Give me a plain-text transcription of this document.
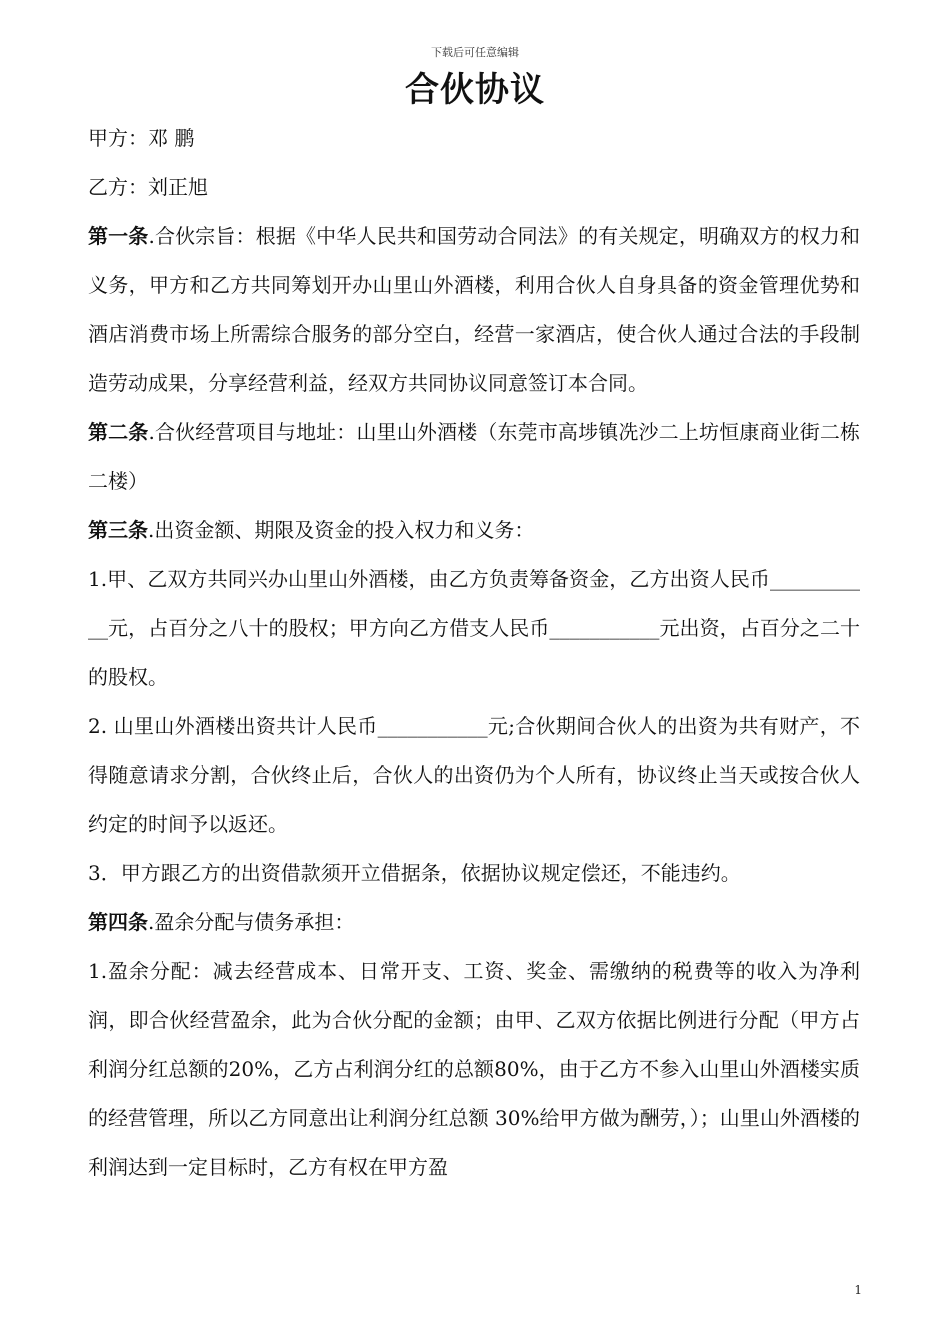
下载后可任意编辑
合伙协议

甲方：邓 鹏

乙方：刘正旭

第一条.合伙宗旨：根据《中华人民共和国劳动合同法》的有关规定，明确双方的权力和义务，甲方和乙方共同筹划开办山里山外酒楼，利用合伙人自身具备的资金管理优势和酒店消费市场上所需综合服务的部分空白，经营一家酒店，使合伙人通过合法的手段制造劳动成果，分享经营利益，经双方共同协议同意签订本合同。

第二条.合伙经营项目与地址：山里山外酒楼（东莞市高埗镇冼沙二上坊恒康商业街二栋二楼）

第三条.出资金额、期限及资金的投入权力和义务：

1.甲、乙双方共同兴办山里山外酒楼，由乙方负责筹备资金，乙方出资人民币___________元，占百分之八十的股权；甲方向乙方借支人民币___________元出资，占百分之二十的股权。

2. 山里山外酒楼出资共计人民币___________元;合伙期间合伙人的出资为共有财产，不得随意请求分割，合伙终止后，合伙人的出资仍为个人所有，协议终止当天或按合伙人约定的时间予以返还。

3．甲方跟乙方的出资借款须开立借据条，依据协议规定偿还，不能违约。

第四条.盈余分配与债务承担：

1.盈余分配：减去经营成本、日常开支、工资、奖金、需缴纳的税费等的收入为净利润，即合伙经营盈余，此为合伙分配的金额；由甲、乙双方依据比例进行分配（甲方占利润分红总额的20%，乙方占利润分红的总额80%，由于乙方不参入山里山外酒楼实质的经营管理，所以乙方同意出让利润分红总额 30%给甲方做为酬劳，）；山里山外酒楼的利润达到一定目标时，乙方有权在甲方盈

1
